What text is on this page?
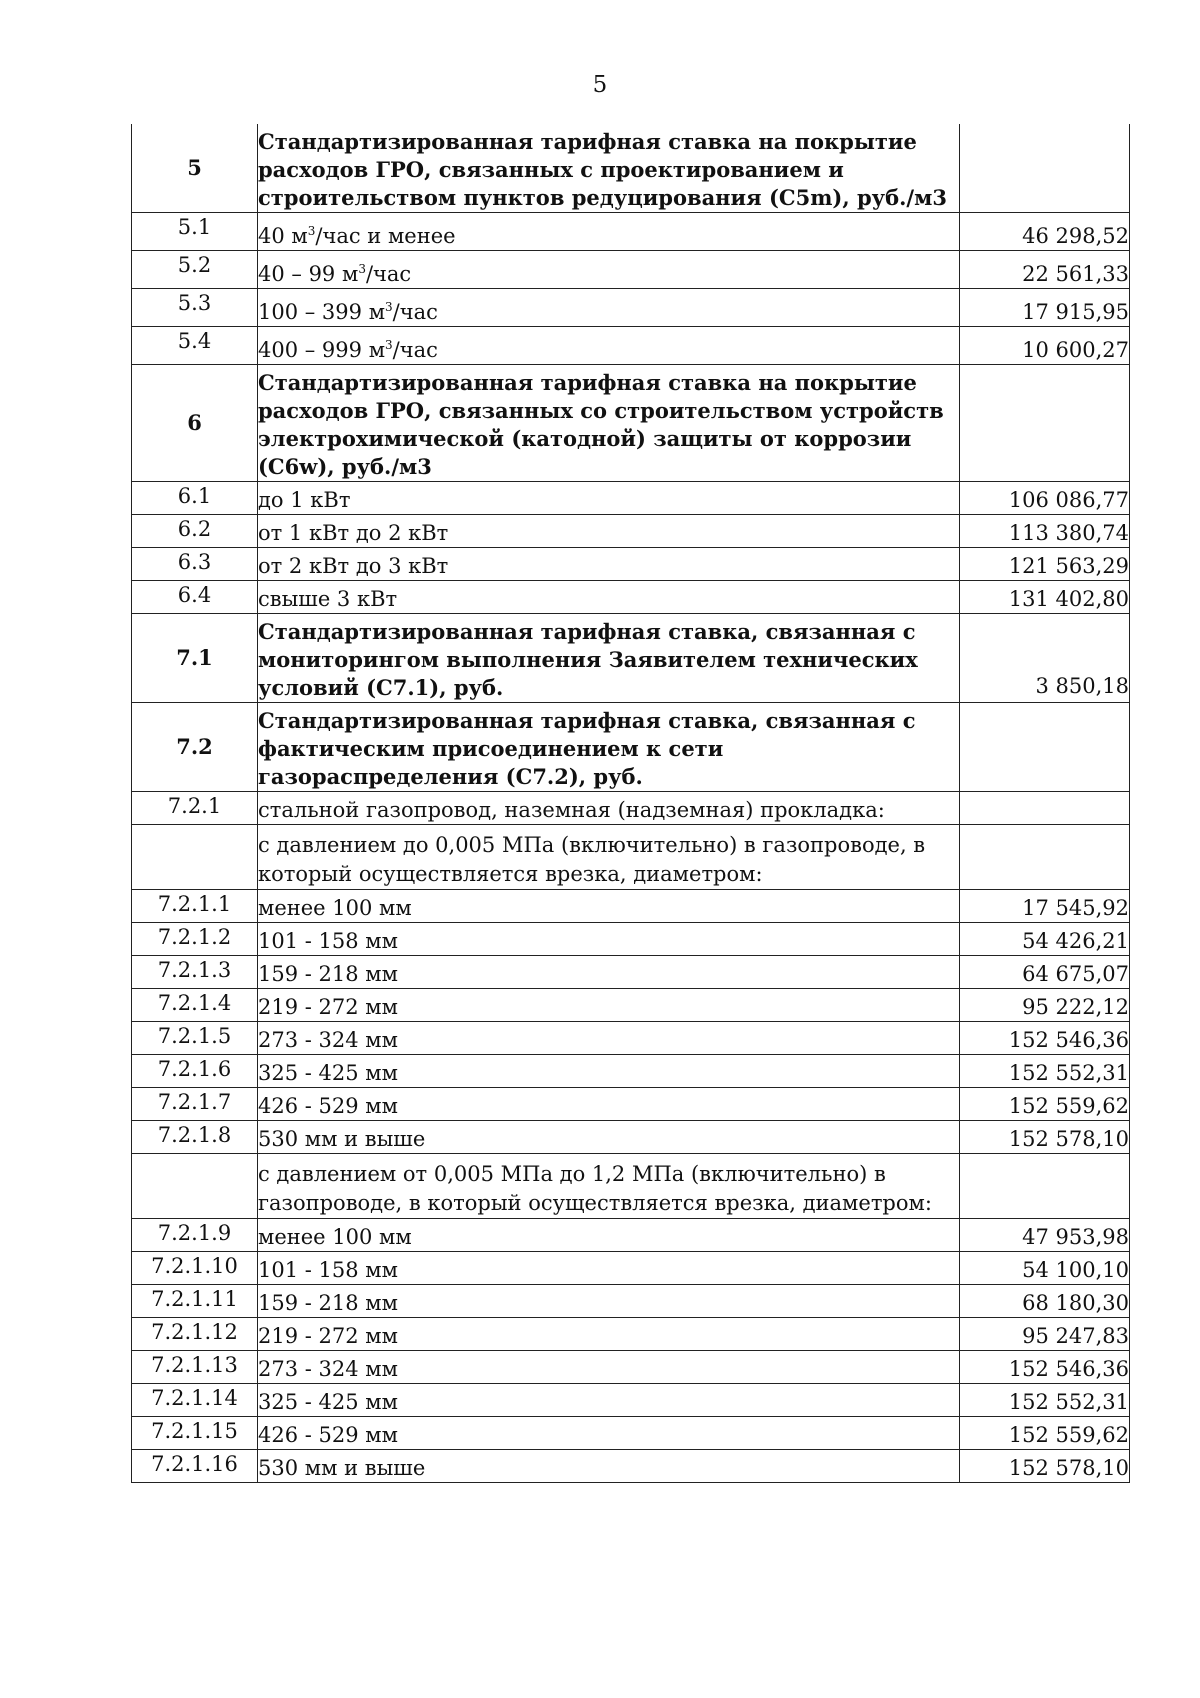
5
5	Стандартизированная тарифная ставка на покрытие расходов ГРО, связанных с проектированием и строительством пунктов редуцирования (С5m), руб./м3	
5.1	40 $м^3$/час и менее	46 298,52
5.2	40 – 99 $м^3$/час	22 561,33
5.3	100 – 399 $м^3$/час	17 915,95
5.4	400 – 999 $м^3$/час	10 600,27
6	Стандартизированная тарифная ставка на покрытие расходов ГРО, связанных со строительством устройств электрохимической (катодной) защиты от коррозии (С6w), руб./м3	
6.1	до 1 кВт	106 086,77
6.2	от 1 кВт до 2 кВт	113 380,74
6.3	от 2 кВт до 3 кВт	121 563,29
6.4	свыше 3 кВт	131 402,80
7.1	Стандартизированная тарифная ставка, связанная с мониторингом выполнения Заявителем технических условий (С7.1), руб.	3 850,18
7.2	Стандартизированная тарифная ставка, связанная с фактическим присоединением к сети газораспределения (С7.2), руб.	
7.2.1	стальной газопровод, наземная (надземная) прокладка:	
	с давлением до 0,005 МПа (включительно) в газопроводе, в который осуществляется врезка, диаметром:	
7.2.1.1	менее 100 мм	17 545,92
7.2.1.2	101 - 158 мм	54 426,21
7.2.1.3	159 - 218 мм	64 675,07
7.2.1.4	219 - 272 мм	95 222,12
7.2.1.5	273 - 324 мм	152 546,36
7.2.1.6	325 - 425 мм	152 552,31
7.2.1.7	426 - 529 мм	152 559,62
7.2.1.8	530 мм и выше	152 578,10
	с давлением от 0,005 МПа до 1,2 МПа (включительно) в газопроводе, в который осуществляется врезка, диаметром:	
7.2.1.9	менее 100 мм	47 953,98
7.2.1.10	101 - 158 мм	54 100,10
7.2.1.11	159 - 218 мм	68 180,30
7.2.1.12	219 - 272 мм	95 247,83
7.2.1.13	273 - 324 мм	152 546,36
7.2.1.14	325 - 425 мм	152 552,31
7.2.1.15	426 - 529 мм	152 559,62
7.2.1.16	530 мм и выше	152 578,10
